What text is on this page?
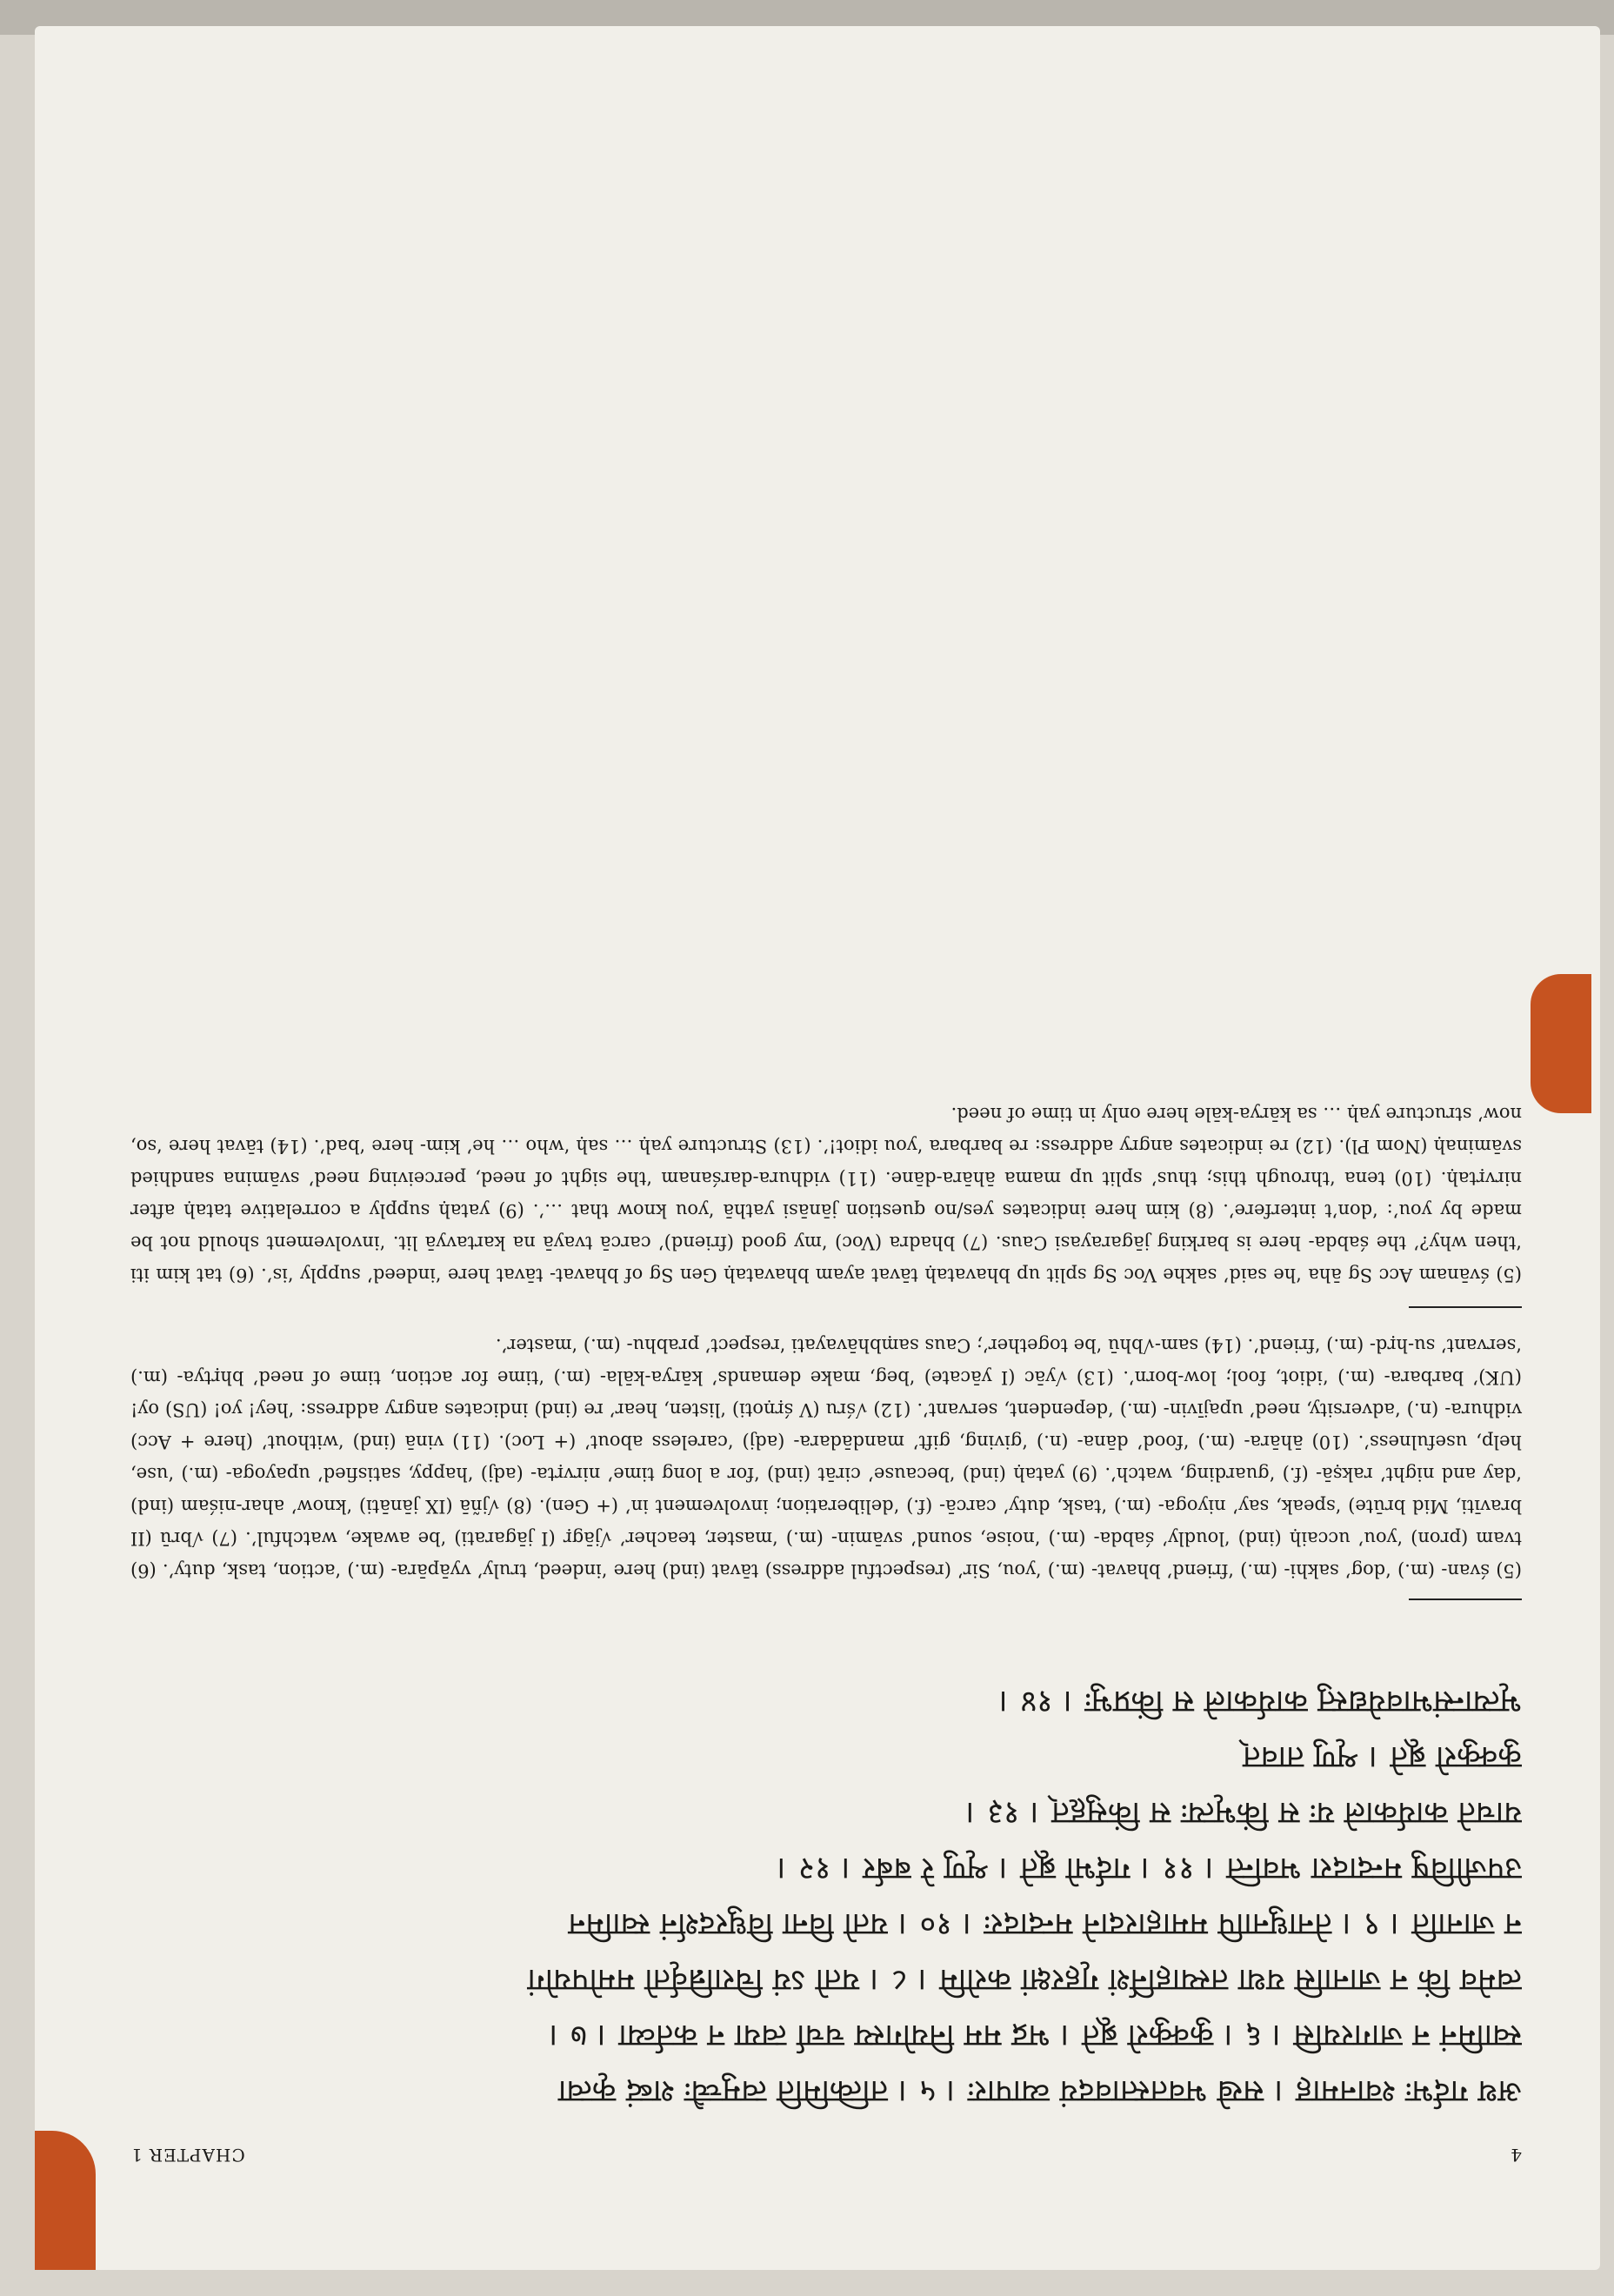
4
CHAPTER 1
अथ गर्दभः श्वानमाह । सखे भवतस्तावदयं व्यापारः । ५ । तत्किमिति त्वमुच्चैः शब्दं कृत्वा
स्वामिनं न जागरयसि । ६ । कुक्कुरो ब्रूते । भद्र मम नियोगस्य चर्चा त्वया न कर्तव्या । ७ ।
त्वमेव किं न जानासि यथा तस्याहर्निशं गृहरक्षां करोमि । ८ । यतो ऽयं चिरान्निर्वृतो ममोपयोगं
न जानाति । ९ । तेनाधुनापि ममाहारदाने मन्दादरः । १० । यतो विना विधुरदर्शनं स्वामिन
उपजीविषु मन्दादरा भवन्ति । ११ । गर्दभो ब्रूते । शृणु रे बर्बर । १२ ।
याचते कार्यकाले यः स किंभृत्यः स किंसुहृत् । १३ ।
कुक्कुरो ब्रूते । शृणु तावत्
भृत्यान्संभावयेद्यस्तु कार्यकाले स किंप्रभुः । १४ ।
(5) śvan- (m.) ‘dog’ sakhi- (m.) ‘friend’ bhavat- (m.) ‘you, Sir’ (respectful address) tāvat (ind) here ‘indeed, truly’ vyāpāra- (m.) ‘action, task, duty’. (6) tvam (pron) ‘you’ uccaiḥ (ind) ‘loudly’ śabda- (m.) ‘noise, sound’ svāmin- (m.) ‘master, teacher’ √jāgṛ (I jāgarati) ‘be awake, watchful’. (7) √brū (II bravīti, Mid brūte) ‘speak, say’ niyoga- (m.) ‘task, duty’ carcā- (f.) ‘deliberation; involvement in’ (+ Gen). (8) √jñā (IX jānāti) ‘know’ ahar-niśam (ind) ‘day and night’ rakṣā- (f.) ‘guarding, watch’. (9) yataḥ (ind) ‘because’ cirāt (ind) ‘for a long time’ nirvṛta- (adj) ‘happy, satisfied’ upayoga- (m.) ‘use, help, usefulness’. (10) āhāra- (m.) ‘food’ dāna- (n.) ‘giving, gift’ mandādara- (adj) ‘careless about’ (+ Loc). (11) vinā (ind) ‘without’ (here + Acc) vidhura- (n.) ‘adversity, need’ upajīvin- (m.) ‘dependent, servant’. (12) √śru (V śṛṇoti) ‘listen, hear’ re (ind) indicates angry address: ‘hey! yo! (US) oy! (UK)’ barbara- (m.) ‘idiot, fool; low-born’. (13) √yāc (I yācate) ‘beg, make demands’ kārya-kāla- (m.) ‘time for action, time of need’ bhṛtya- (m.) ‘servant’ su-hṛd- (m.) ‘friend’. (14) sam-√bhū ‘be together’; Caus saṃbhāvayati ‘respect’ prabhu- (m.) ‘master’.
(5) śvānam Acc Sg āha ‘he said’ sakhe Voc Sg split up bhavataḥ tāvat ayam bhavataḥ Gen Sg of bhavat- tāvat here ‘indeed’ supply ‘is’. (6) tat kim iti ‘then why?’ the śabda- here is barking jāgarayasi Caus. (7) bhadra (Voc) ‘my good (friend)’ carcā tvayā na kartavyā lit. ‘involvement should not be made by you’: ‘don’t interfere’. (8) kim here indicates yes/no question jānāsi yathā ‘you know that …’. (9) yataḥ supply a correlative tataḥ after nirvṛtaḥ. (10) tena ‘through this; thus’ split up mama āhāra-dāne. (11) vidhura-darśanam ‘the sight of need, perceiving need’ svāmina sandhied svāminaḥ (Nom Pl). (12) re indicates angry address: re barbara ‘you idiot!’. (13) Structure yaḥ … saḥ ‘who … he’ kim- here ‘bad’. (14) tāvat here ‘so, now’ structure yaḥ … sa kārya-kāle here only in time of need.
